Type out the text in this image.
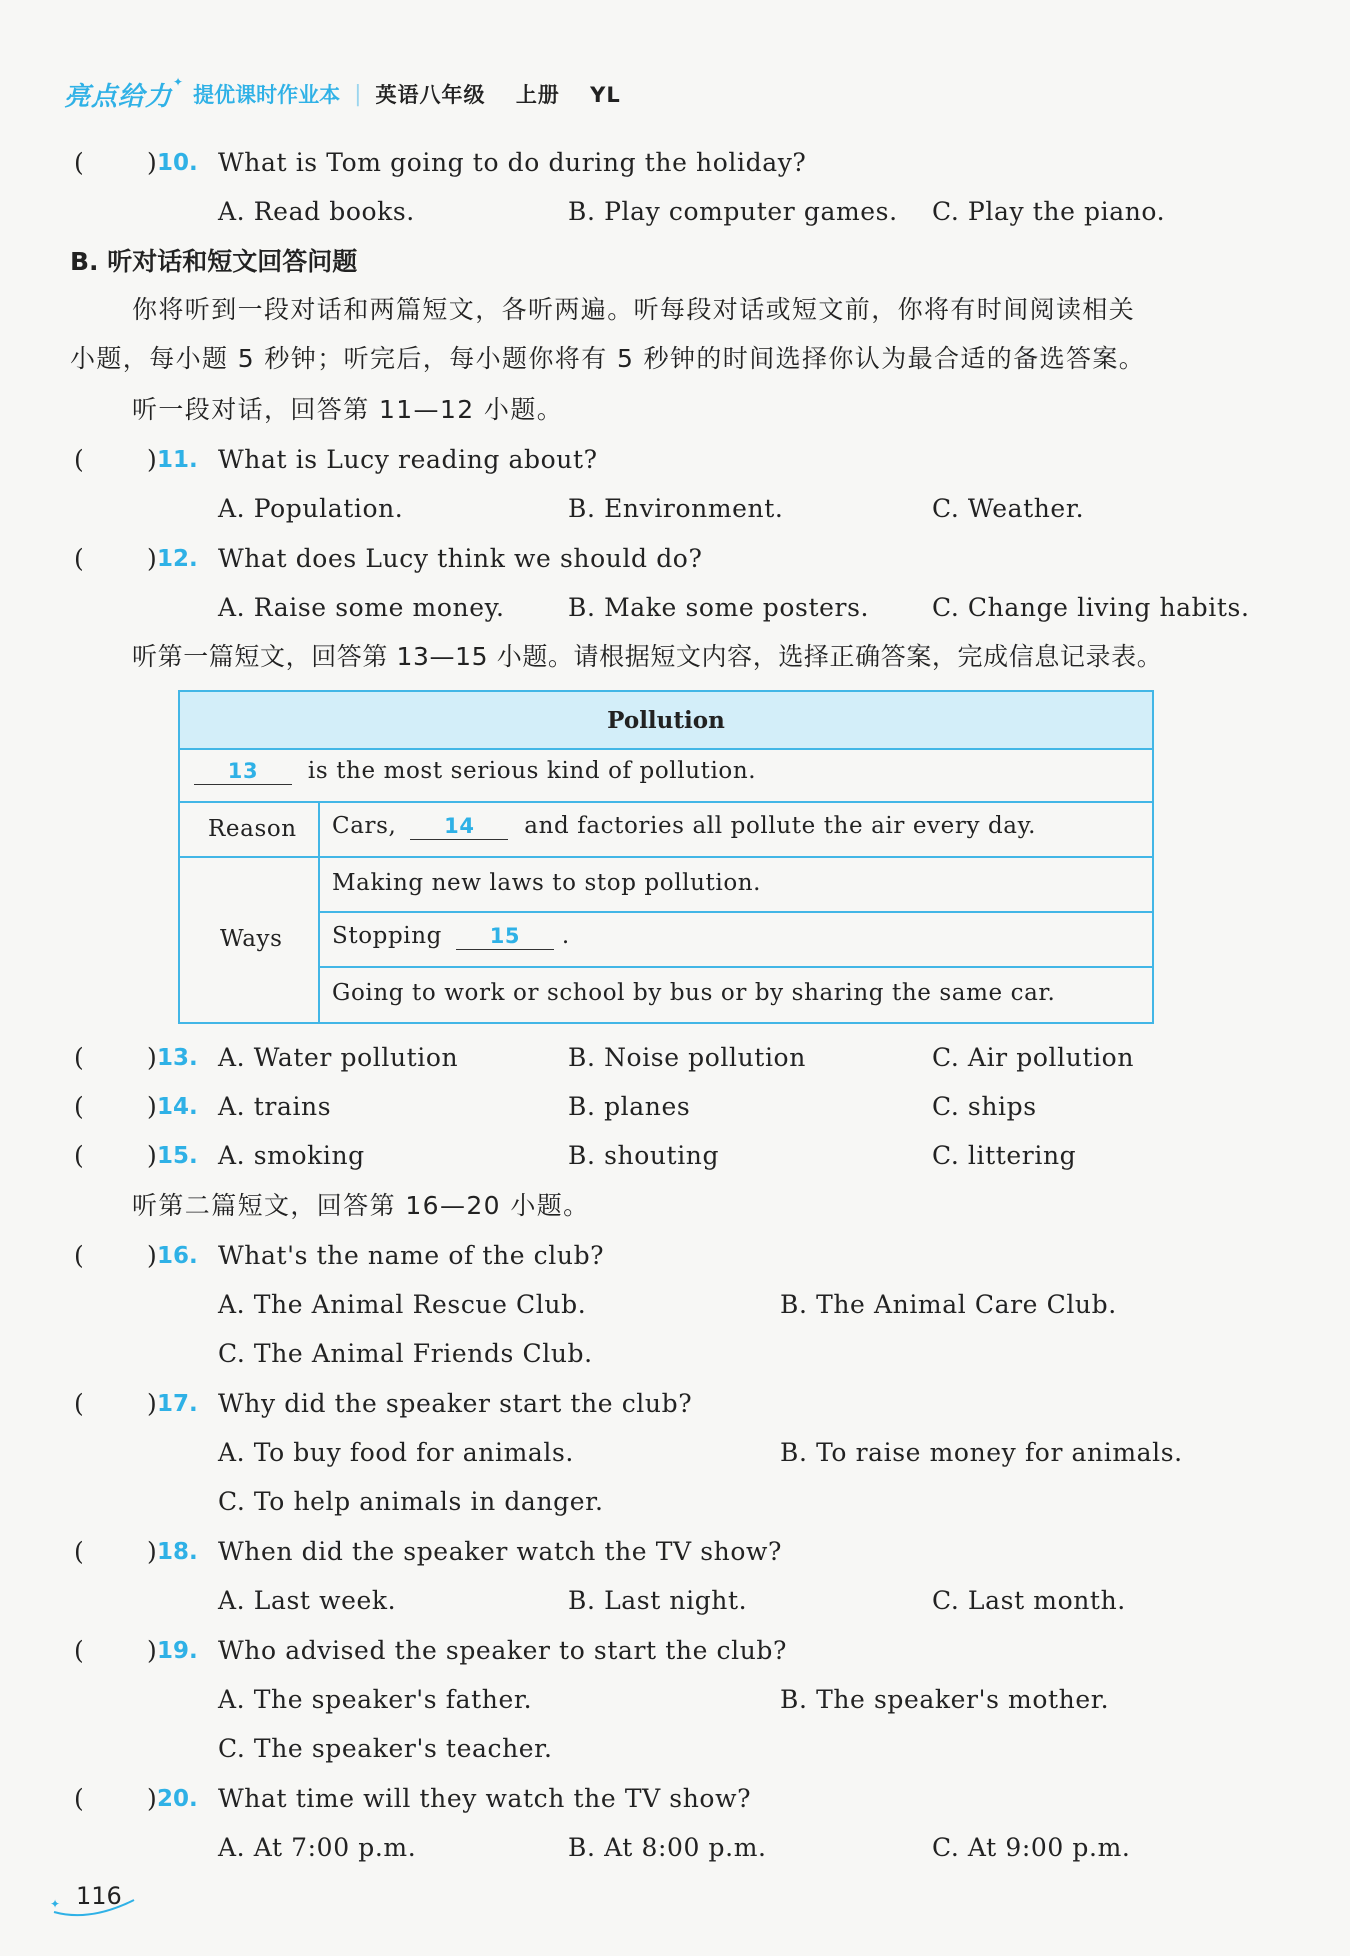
亮点给力 ✦
提优课时作业本 | 英语八年级 上册 YL
(	) 10. What is Tom going to do during the holiday?
A. Read books.	B. Play computer games. C. Play the piano.
B. 听对话和短文回答问题
你将听到一段对话和两篇短文，各听两遍。听每段对话或短文前，你将有时间阅读相关
小题，每小题 5 秒钟；听完后，每小题你将有 5 秒钟的时间选择你认为最合适的备选答案。
听一段对话，回答第 11—12 小题。
(	) 11. What is Lucy reading about?
A. Population.	B. Environment.	C. Weather.
(	) 12. What does Lucy think we should do?
A. Raise some money.	B. Make some posters.	C. Change living habits.
听第一篇短文，回答第 13—15 小题。请根据短文内容，选择正确答案，完成信息记录表。
Pollution
13 is the most serious kind of pollution.
Reason Cars, 14 and factories all pollute the air every day.
Ways
Making new laws to stop pollution.
Stopping 15 .
Going to work or school by bus or by sharing the same car.
(	) 13. A. Water pollution	B. Noise pollution	C. Air pollution
(	) 14. A. trains	B. planes	C. ships
(	) 15. A. smoking	B. shouting	C. littering
听第二篇短文，回答第 16—20 小题。
(	) 16. What's the name of the club?
A. The Animal Rescue Club.	B. The Animal Care Club.
C. The Animal Friends Club.
(	) 17. Why did the speaker start the club?
A. To buy food for animals.	B. To raise money for animals.
C. To help animals in danger.
(	) 18. When did the speaker watch the TV show?
A. Last week.	B. Last night.	C. Last month.
(	) 19. Who advised the speaker to start the club?
A. The speaker's father.	B. The speaker's mother.
C. The speaker's teacher.
(	) 20. What time will they watch the TV show?
A. At 7:00 p.m.	B. At 8:00 p.m.	C. At 9:00 p.m.
✦ 116
